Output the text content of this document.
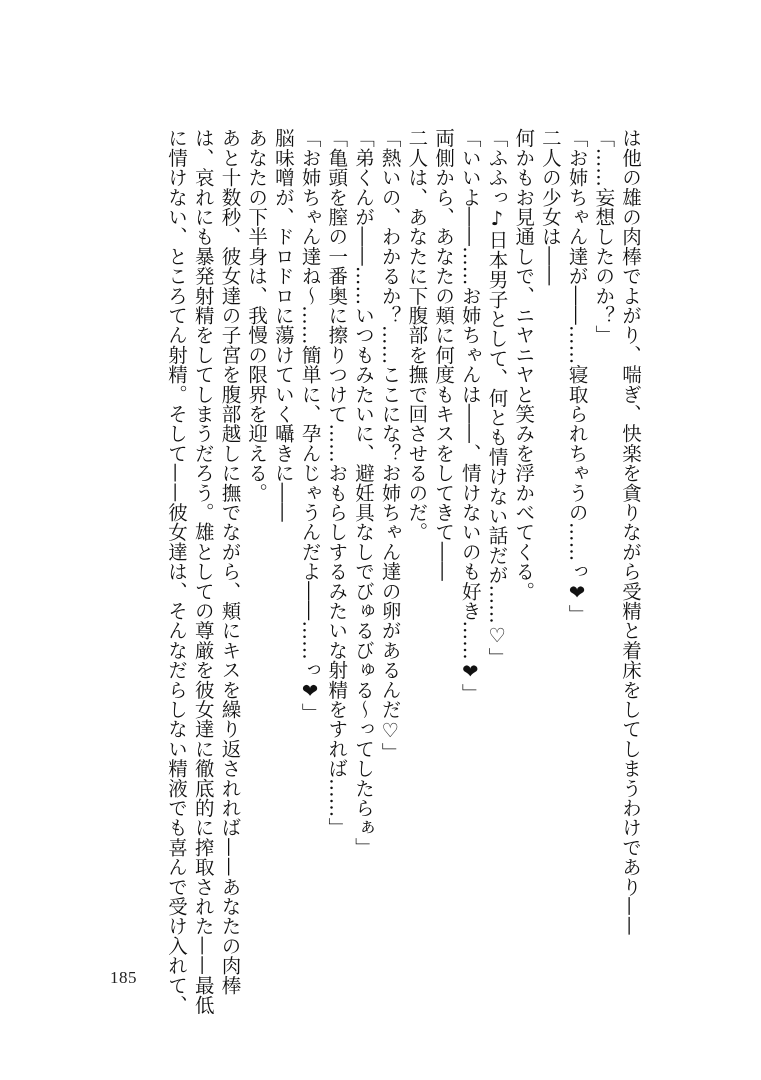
は他の雄の肉棒でよがり、喘ぎ、快楽を貪りながら受精と着床をしてしまうわけであり——
「……妄想したのか？」
「お姉ちゃん達が――……寝取られちゃうの……っ❤」
二人の少女は――
何かもお見通しで、ニヤニヤと笑みを浮かべてくる。
「ふふっ♪日本男子として、何とも情けない話だが……♡」
「いいよ――……お姉ちゃんは――、情けないのも好き……❤」
両側から、あなたの頬に何度もキスをしてきて――
二人は、あなたに下腹部を撫で回させるのだ。
「熱いの、わかるか？……ここにな？お姉ちゃん達の卵があるんだ♡」
「弟くんが――……いつもみたいに、避妊具なしでびゅるびゅる～ってしたらぁ」
「亀頭を膣の一番奥に擦りつけて……おもらしするみたいな射精をすれば……」
「お姉ちゃん達ね～……簡単に、孕んじゃうんだよ――……っ❤」
脳味噌が、ドロドロに蕩けていく囁きに――
あなたの下半身は、我慢の限界を迎える。
あと十数秒、彼女達の子宮を腹部越しに撫でながら、頬にキスを繰り返されれば——あなたの肉棒
は、哀れにも暴発射精をしてしまうだろう。雄としての尊厳を彼女達に徹底的に搾取された——最低
に情けない、ところてん射精。そして——彼女達は、そんなだらしない精液でも喜んで受け入れて、
185
